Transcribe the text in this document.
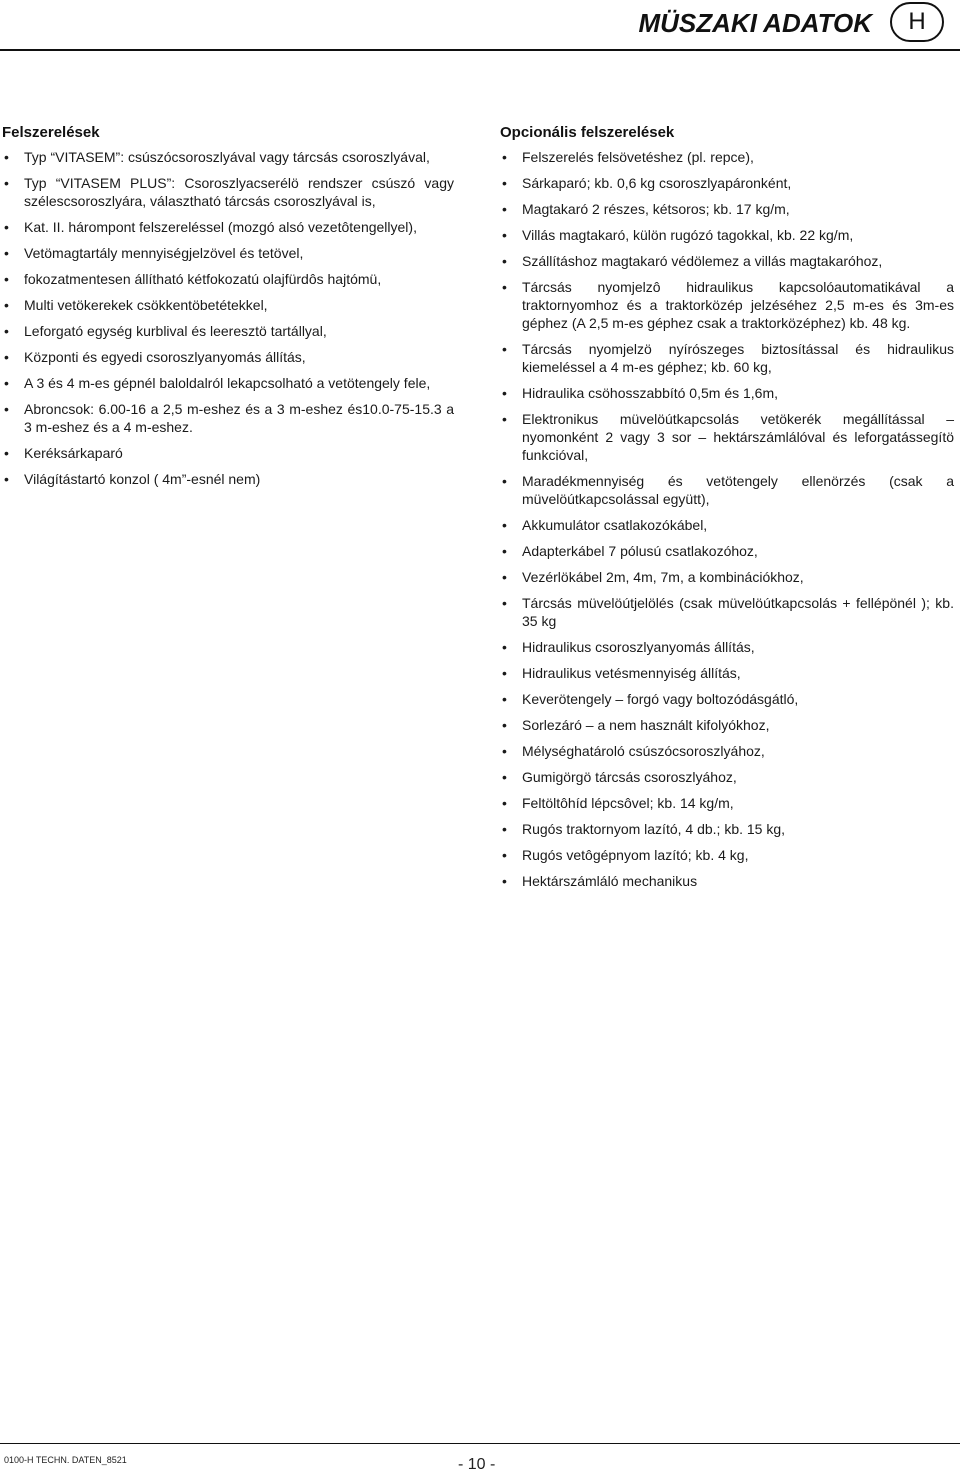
MÜSZAKI ADATOK	H
Felszerelések
• Typ “VITASEM”: csúszócsoroszlyával vagy tárcsás csoroszlyával,
• Typ “VITASEM PLUS”: Csoroszlyacserélö rendszer csúszó vagy szélescsoroszlyára, választható tárcsás csoroszlyával is,
• Kat. II. hárompont felszereléssel (mozgó alsó vezetôtengellyel),
• Vetömagtartály mennyiségjelzövel és tetövel,
• fokozatmentesen állítható kétfokozatú olajfürdôs hajtómü,
• Multi vetökerekek csökkentöbetétekkel,
• Leforgató egység kurblival és leeresztö tartállyal,
• Központi és egyedi csoroszlyanyomás állítás,
• A 3 és 4 m-es gépnél baloldalról lekapcsolható a vetötengely fele,
• Abroncsok: 6.00-16 a 2,5 m-eshez és a 3 m-eshez és10.0-75-15.3 a 3 m-eshez és a 4 m-eshez.
• Keréksárkaparó
• Világítástartó konzol ( 4m”-esnél nem)
Opcionális felszerelések
• Felszerelés felsövetéshez (pl. repce),
• Sárkaparó; kb. 0,6 kg csoroszlyapáronként,
• Magtakaró 2 részes, kétsoros; kb. 17 kg/m,
• Villás magtakaró, külön rugózó tagokkal, kb. 22 kg/m,
• Szállításhoz magtakaró védölemez a villás magtakaróhoz,
• Tárcsás nyomjelzô hidraulikus kapcsolóautomatikával a traktornyomhoz és a traktorközép jelzéséhez 2,5 m-es és 3m-es géphez (A 2,5 m-es géphez csak a traktorközéphez) kb. 48 kg.
• Tárcsás nyomjelzö nyírószeges biztosítással és hidraulikus kiemeléssel a 4 m-es géphez; kb. 60 kg,
• Hidraulika csöhosszabbító 0,5m és 1,6m,
• Elektronikus müvelöútkapcsolás vetökerék megállítással – nyomonként 2 vagy 3 sor – hektárszámlálóval és leforgatássegítö funkcióval,
• Maradékmennyiség és vetötengely ellenörzés (csak a müvelöútkapcsolással együtt),
• Akkumulátor csatlakozókábel,
• Adapterkábel 7 pólusú csatlakozóhoz,
• Vezérlökábel 2m, 4m, 7m, a kombinációkhoz,
• Tárcsás müvelöútjelölés (csak müvelöútkapcsolás + fellépönél ); kb. 35 kg
• Hidraulikus csoroszlyanyomás állítás,
• Hidraulikus vetésmennyiség állítás,
• Keverötengely – forgó vagy boltozódásgátló,
• Sorlezáró – a nem használt kifolyókhoz,
• Mélységhatároló csúszócsoroszlyához,
• Gumigörgö tárcsás csoroszlyához,
• Feltöltôhíd lépcsôvel; kb. 14 kg/m,
• Rugós traktornyom lazító, 4 db.; kb. 15 kg,
• Rugós vetôgépnyom lazító; kb. 4 kg,
• Hektárszámláló mechanikus
0100-H TECHN. DATEN_8521	- 10 -
